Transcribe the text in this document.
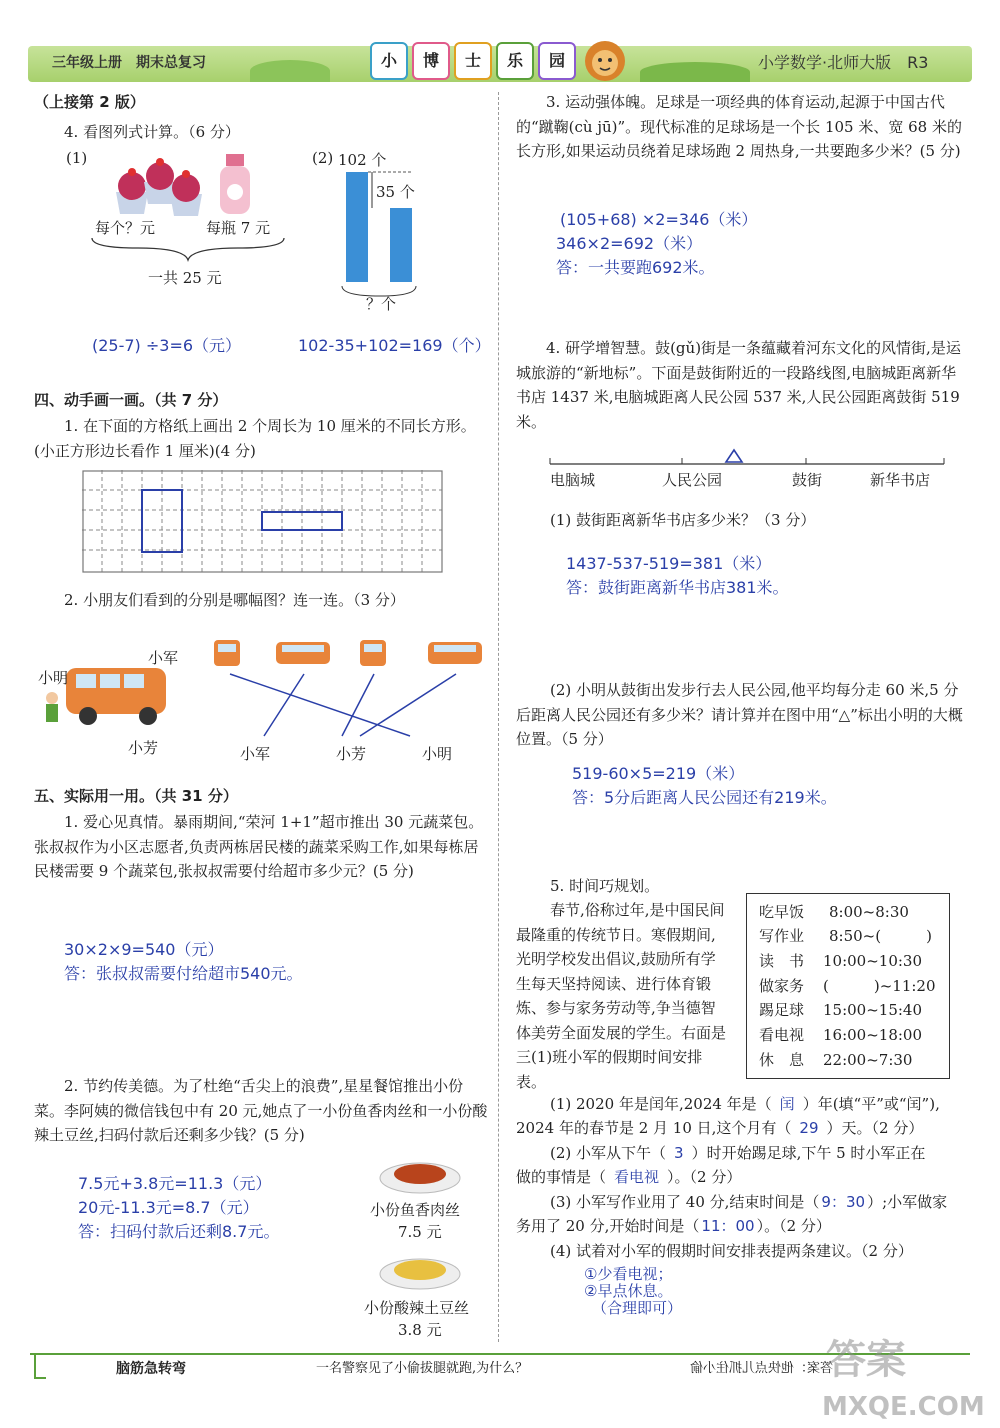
三年级上册　期末总复习	小	博	士	乐	园	小学数学·北师大版　 R3
（上接第 2 版）
4. 看图列式计算。（6 分）
(1)
每个？元	每瓶 7 元
一共 25 元
(2) 102 个
35 个
？个
(25-7) ÷3=6（元）	102-35+102=169（个）
四、动手画一画。（共 7 分）
1. 在下面的方格纸上画出 2 个周长为 10 厘米的不同长方形。(小正方形边长看作 1 厘米)(4 分)
2. 小朋友们看到的分别是哪幅图？连一连。（3 分）
小明
小军
小芳	小军	小芳	小明
五、实际用一用。（共 31 分）
1. 爱心见真情。暴雨期间,“荣河 1+1”超市推出 30 元蔬菜包。张叔叔作为小区志愿者,负责两栋居民楼的蔬菜采购工作,如果每栋居民楼需要 9 个蔬菜包,张叔叔需要付给超市多少元？(5 分)
30×2×9=540（元）
答：张叔叔需要付给超市540元。
2. 节约传美德。为了杜绝“舌尖上的浪费”,星星餐馆推出小份菜。李阿姨的微信钱包中有 20 元,她点了一小份鱼香肉丝和一小份酸辣土豆丝,扫码付款后还剩多少钱？(5 分)
7.5元+3.8元=11.3（元）
20元-11.3元=8.7（元）
答：扫码付款后还剩8.7元。
小份鱼香肉丝
7.5 元
小份酸辣土豆丝
3.8 元
3. 运动强体魄。足球是一项经典的体育运动,起源于中国古代的“蹴鞠(cù jū)”。现代标准的足球场是一个长 105 米、宽 68 米的长方形,如果运动员绕着足球场跑 2 周热身,一共要跑多少米？(5 分)
(105+68) ×2=346（米）
346×2=692（米）
答：一共要跑692米。
4. 研学增智慧。鼓(gǔ)街是一条蕴藏着河东文化的风情街,是运城旅游的“新地标”。下面是鼓街附近的一段路线图,电脑城距离新华书店 1437 米,电脑城距离人民公园 537 米,人民公园距离鼓街 519 米。
电脑城	人民公园	鼓街	新华书店
(1) 鼓街距离新华书店多少米？（3 分）
1437-537-519=381（米）
答：鼓街距离新华书店381米。
(2) 小明从鼓街出发步行去人民公园,他平均每分走 60 米,5 分后距离人民公园还有多少米？请计算并在图中用“△”标出小明的大概位置。（5 分）
519-60×5=219（米）
答：5分后距离人民公园还有219米。
5. 时间巧规划。
春节,俗称过年,是中国民间最隆重的传统节日。寒假期间,光明学校发出倡议,鼓励所有学生每天坚持阅读、进行体育锻炼、参与家务劳动等,争当德智体美劳全面发展的学生。右面是三(1)班小军的假期时间安排表。
吃早饭 8:00~8:30
写作业 8:50~(　　　)
读　书 10:00~10:30
做家务 (　　　)~11:20
踢足球 15:00~15:40
看电视 16:00~18:00
休　息 22:00~7:30
(1) 2020 年是闰年,2024 年是（ 闰 ）年(填“平”或“闰”),
2024 年的春节是 2 月 10 日,这个月有（ 29 ）天。（2 分）
(2) 小军从下午（ 3 ）时开始踢足球,下午 5 时小军正在
做的事情是（ 看电视 ）。（2 分）
(3) 小军写作业用了 40 分,结束时间是（ 9：30 ）;小军做家
务用了 20 分,开始时间是（ 11：00 ）。（2 分）
(4) 试着对小军的假期时间安排表提两条建议。（2 分）
①少看电视；
②早点休息。
（合理即可）
脑筋急转弯	一名警察见了小偷拔腿就跑,为什么？	答案：他快点儿抓住小偷
答案
MXQE.COM
